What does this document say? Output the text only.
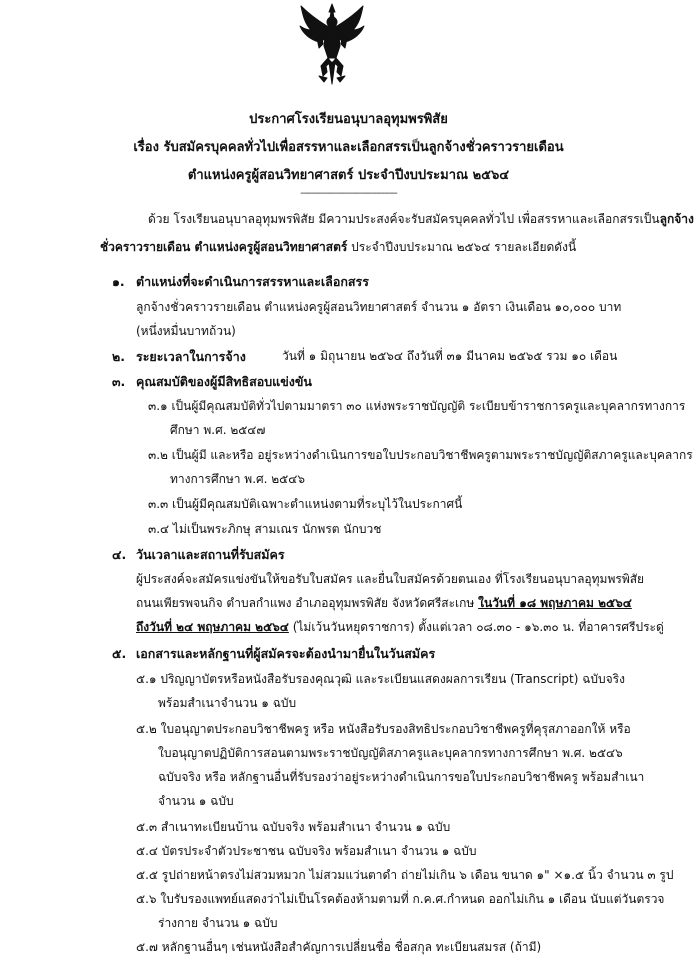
ประกาศโรงเรียนอนุบาลอุทุมพรพิสัย
เรื่อง รับสมัครบุคคลทั่วไปเพื่อสรรหาและเลือกสรรเป็นลูกจ้างชั่วคราวรายเดือน
ตำแหน่งครูผู้สอนวิทยาศาสตร์ ประจำปีงบประมาณ ๒๕๖๔
-------------------------------------
ด้วย โรงเรียนอนุบาลอุทุมพรพิสัย มีความประสงค์จะรับสมัครบุคคลทั่วไป เพื่อสรรหาและเลือกสรรเป็นลูกจ้าง
ชั่วคราวรายเดือน ตำแหน่งครูผู้สอนวิทยาศาสตร์ ประจำปีงบประมาณ ๒๕๖๔ รายละเอียดดังนี้
๑. ตำแหน่งที่จะดำเนินการสรรหาและเลือกสรร
ลูกจ้างชั่วคราวรายเดือน ตำแหน่งครูผู้สอนวิทยาศาสตร์ จำนวน ๑ อัตรา เงินเดือน ๑๐,๐๐๐ บาท
(หนึ่งหมื่นบาทถ้วน)
๒. ระยะเวลาในการจ้าง	วันที่ ๑ มิถุนายน ๒๕๖๔ ถึงวันที่ ๓๑ มีนาคม ๒๕๖๕ รวม ๑๐ เดือน
๓. คุณสมบัติของผู้มีสิทธิสอบแข่งขัน
๓.๑ เป็นผู้มีคุณสมบัติทั่วไปตามมาตรา ๓๐ แห่งพระราชบัญญัติ ระเบียบข้าราชการครูและบุคลากรทางการ
ศึกษา พ.ศ. ๒๕๔๗
๓.๒ เป็นผู้มี และหรือ อยู่ระหว่างดำเนินการขอใบประกอบวิชาชีพครูตามพระราชบัญญัติสภาครูและบุคลากร
ทางการศึกษา พ.ศ. ๒๕๔๖
๓.๓ เป็นผู้มีคุณสมบัติเฉพาะตำแหน่งตามที่ระบุไว้ในประกาศนี้
๓.๔ ไม่เป็นพระภิกษุ สามเณร นักพรต นักบวช
๔. วันเวลาและสถานที่รับสมัคร
ผู้ประสงค์จะสมัครแข่งขันให้ขอรับใบสมัคร และยื่นใบสมัครด้วยตนเอง ที่โรงเรียนอนุบาลอุทุมพรพิสัย
ถนนเพียรพจนกิจ ตำบลกำแพง อำเภออุทุมพรพิสัย จังหวัดศรีสะเกษ ในวันที่ ๑๘ พฤษภาคม ๒๕๖๔
ถึงวันที่ ๒๔ พฤษภาคม ๒๕๖๔ (ไม่เว้นวันหยุดราชการ) ตั้งแต่เวลา ๐๘.๓๐ - ๑๖.๓๐ น. ที่อาคารศรีประดู่
๕. เอกสารและหลักฐานที่ผู้สมัครจะต้องนำมายื่นในวันสมัคร
๕.๑ ปริญญาบัตรหรือหนังสือรับรองคุณวุฒิ และระเบียนแสดงผลการเรียน (Transcript) ฉบับจริง
พร้อมสำเนาจำนวน ๑ ฉบับ
๕.๒ ใบอนุญาตประกอบวิชาชีพครู หรือ หนังสือรับรองสิทธิประกอบวิชาชีพครูที่คุรุสภาออกให้ หรือ
ใบอนุญาตปฏิบัติการสอนตามพระราชบัญญัติสภาครูและบุคลากรทางการศึกษา พ.ศ. ๒๕๔๖
ฉบับจริง หรือ หลักฐานอื่นที่รับรองว่าอยู่ระหว่างดำเนินการขอใบประกอบวิชาชีพครู พร้อมสำเนา
จำนวน ๑ ฉบับ
๕.๓ สำเนาทะเบียนบ้าน ฉบับจริง พร้อมสำเนา จำนวน ๑ ฉบับ
๕.๔ บัตรประจำตัวประชาชน ฉบับจริง พร้อมสำเนา จำนวน ๑ ฉบับ
๕.๕ รูปถ่ายหน้าตรงไม่สวมหมวก ไม่สวมแว่นตาดำ ถ่ายไม่เกิน ๖ เดือน ขนาด ๑" ×๑.๕ นิ้ว จำนวน ๓ รูป
๕.๖ ใบรับรองแพทย์แสดงว่าไม่เป็นโรคต้องห้ามตามที่ ก.ค.ศ.กำหนด ออกไม่เกิน ๑ เดือน นับแต่วันตรวจ
ร่างกาย จำนวน ๑ ฉบับ
๕.๗ หลักฐานอื่นๆ เช่นหนังสือสำคัญการเปลี่ยนชื่อ ชื่อสกุล ทะเบียนสมรส (ถ้ามี)
